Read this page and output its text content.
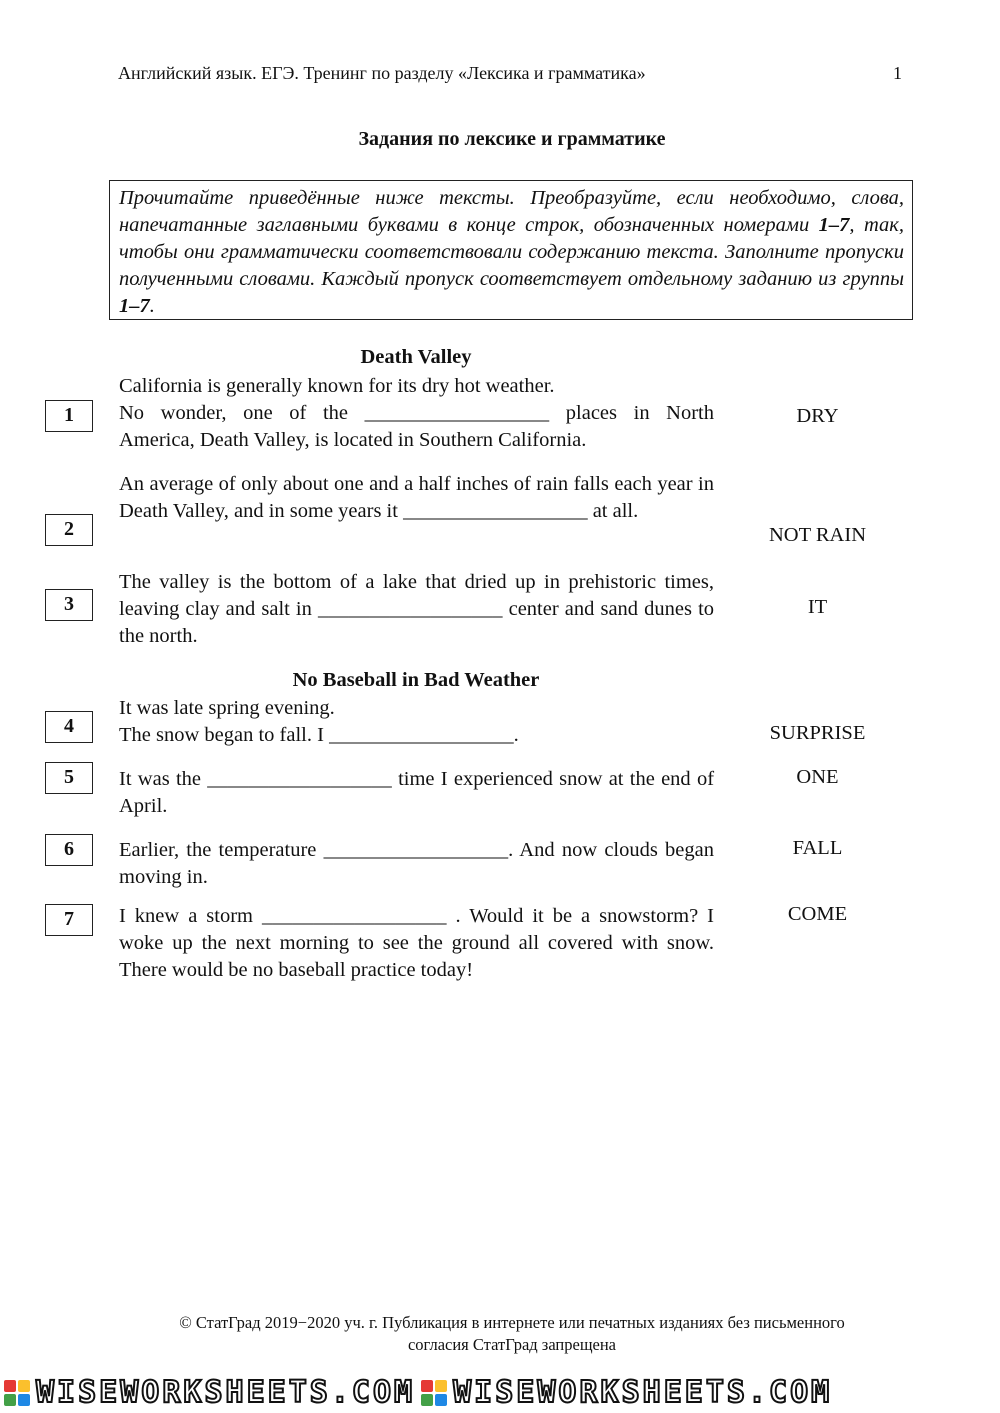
Английский язык. ЕГЭ. Тренинг по разделу «Лексика и грамматика»	1
Задания по лексике и грамматике
Прочитайте приведённые ниже тексты. Преобразуйте, если необходимо, слова, напечатанные заглавными буквами в конце строк, обозначенных номерами 1–7, так, чтобы они грамматически соответствовали содержанию текста. Заполните пропуски полученными словами. Каждый пропуск соответствует отдельному заданию из группы 1–7.
Death Valley
California is generally known for its dry hot weather.
No wonder, one of the __________________ places in North
America, Death Valley, is located in Southern California.
1	DRY
An average of only about one and a half inches of rain falls each year in Death Valley, and in some years it __________________ at all.
2	NOT RAIN
The valley is the bottom of a lake that dried up in prehistoric times, leaving clay and salt in __________________ center and sand dunes to the north.
3	IT
No Baseball in Bad Weather
It was late spring evening.
The snow began to fall. I __________________.
4	SURPRISE
It was the __________________ time I experienced snow at the end of April.
5	ONE
Earlier, the temperature __________________. And now clouds began moving in.
6	FALL
I knew a storm __________________ . Would it be a snowstorm? I woke up the next morning to see the ground all covered with snow. There would be no baseball practice today!
7	COME
© СтатГрад 2019−2020 уч. г. Публикация в интернете или печатных изданиях без письменного
согласия СтатГрад запрещена
WISEWORKSHEETS.COM WISEWORKSHEETS.COM
